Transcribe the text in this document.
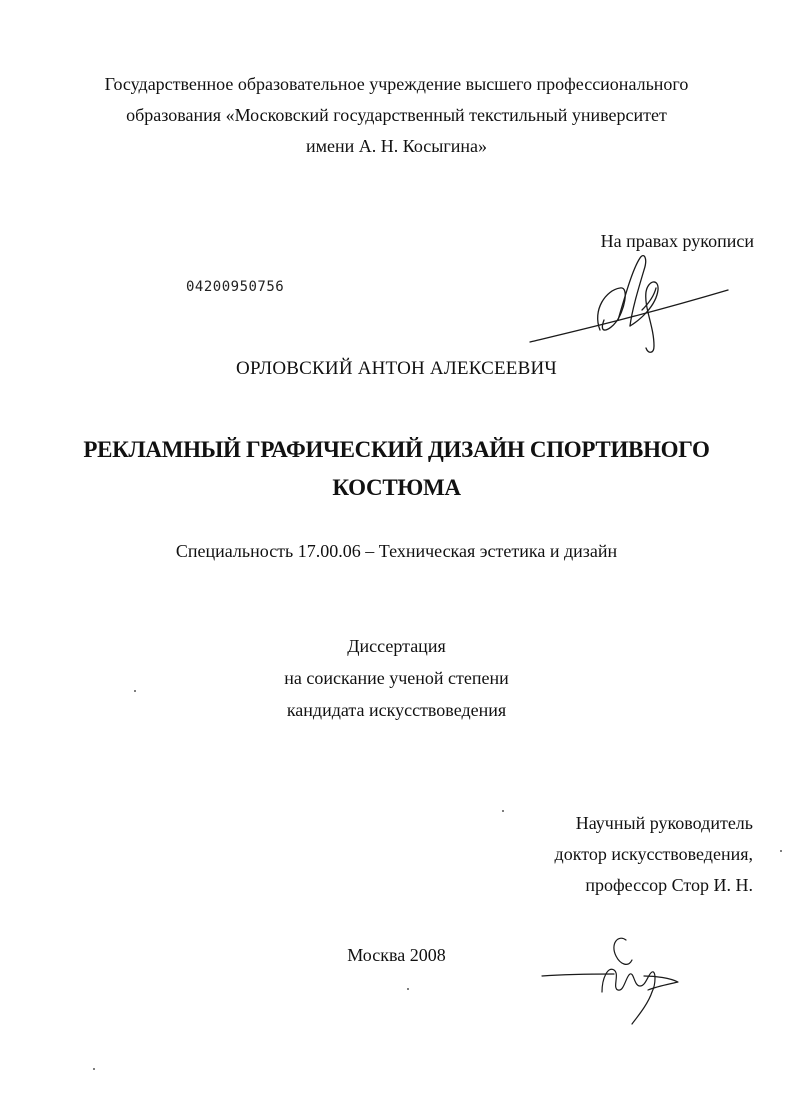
Государственное образовательное учреждение высшего профессионального
образования «Московский государственный текстильный университет
имени А. Н. Косыгина»
На правах рукописи
04200950756
ОРЛОВСКИЙ АНТОН АЛЕКСЕЕВИЧ
РЕКЛАМНЫЙ ГРАФИЧЕСКИЙ ДИЗАЙН СПОРТИВНОГО
КОСТЮМА
Специальность 17.00.06 – Техническая эстетика и дизайн
Диссертация
на соискание ученой степени
кандидата искусствоведения
Научный руководитель
доктор искусствоведения,
профессор Стор И. Н.
Москва 2008
